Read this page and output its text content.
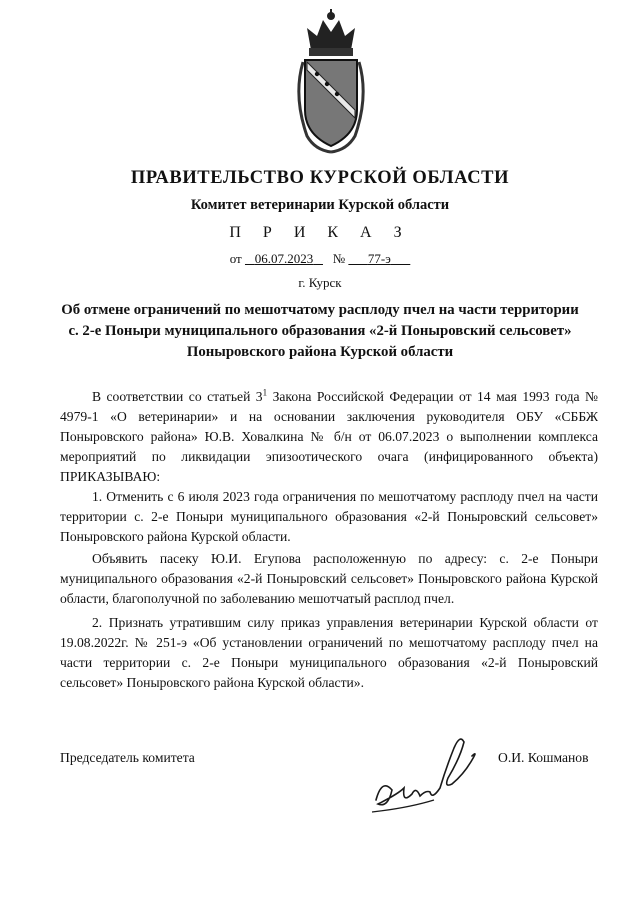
ПРАВИТЕЛЬСТВО КУРСКОЙ ОБЛАСТИ
Комитет ветеринарии Курской области
П Р И К А З
от 06.07.2023 № 77-э
г. Курск
Об отмене ограничений по мешотчатому расплоду пчел на части территории
с. 2-е Поныри муниципального образования «2-й Поныровский сельсовет»
Поныровского района Курской области

В соответствии со статьей $3^1$ Закона Российской Федерации от 14 мая 1993 года № 4979-1 «О ветеринарии» и на основании заключения руководителя ОБУ «СББЖ Поныровского района» Ю.В. Ховалкина № б/н от 06.07.2023 о выполнении комплекса мероприятий по ликвидации эпизоотического очага (инфицированного объекта) ПРИКАЗЫВАЮ:

1. Отменить с 6 июля 2023 года ограничения по мешотчатому расплоду пчел на части территории с. 2-е Поныри муниципального образования «2-й Поныровский сельсовет» Поныровского района Курской области.

Объявить пасеку Ю.И. Егупова расположенную по адресу: с. 2-е Поныри муниципального образования «2-й Поныровский сельсовет» Поныровского района Курской области, благополучной по заболеванию мешотчатый расплод пчел.

2. Признать утратившим силу приказ управления ветеринарии Курской области от 19.08.2022г. № 251-э «Об установлении ограничений по мешотчатому расплоду пчел на части территории с. 2-е Поныри муниципального образования «2-й Поныровский сельсовет» Поныровского района Курской области».

Председатель комитета	О.И. Кошманов
